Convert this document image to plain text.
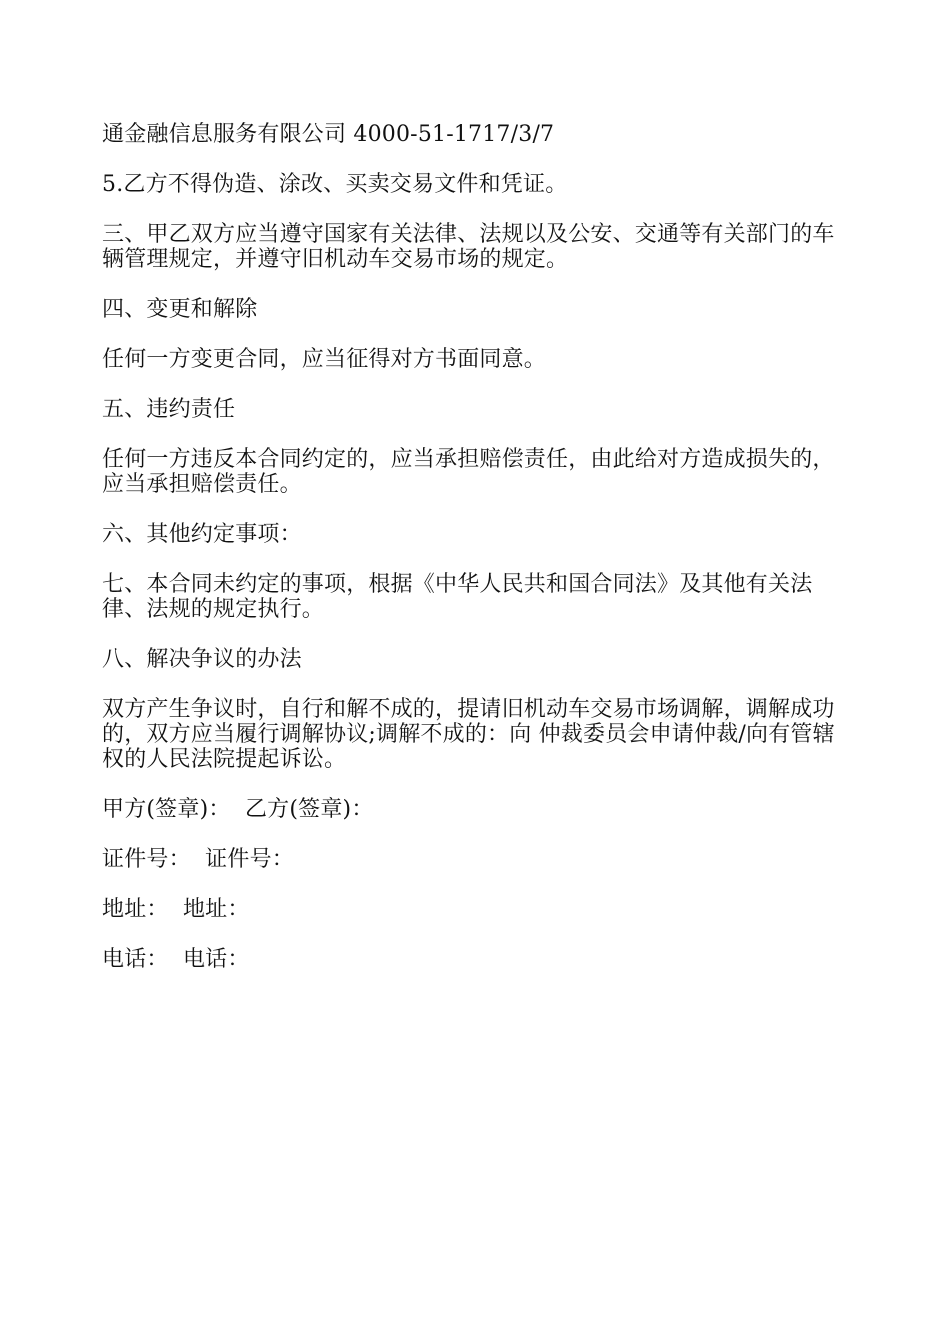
通金融信息服务有限公司 4000-51-1717/3/7

5.乙方不得伪造、涂改、买卖交易文件和凭证。

三、甲乙双方应当遵守国家有关法律、法规以及公安、交通等有关部门的车辆管理规定，并遵守旧机动车交易市场的规定。

四、变更和解除

任何一方变更合同，应当征得对方书面同意。

五、违约责任

任何一方违反本合同约定的，应当承担赔偿责任，由此给对方造成损失的，应当承担赔偿责任。

六、其他约定事项：

七、本合同未约定的事项，根据《中华人民共和国合同法》及其他有关法律、法规的规定执行。

八、解决争议的办法

双方产生争议时，自行和解不成的，提请旧机动车交易市场调解，调解成功的，双方应当履行调解协议;调解不成的：向 仲裁委员会申请仲裁/向有管辖权的人民法院提起诉讼。

甲方(签章)：  乙方(签章)：

证件号：  证件号：

地址：  地址：

电话：  电话：
